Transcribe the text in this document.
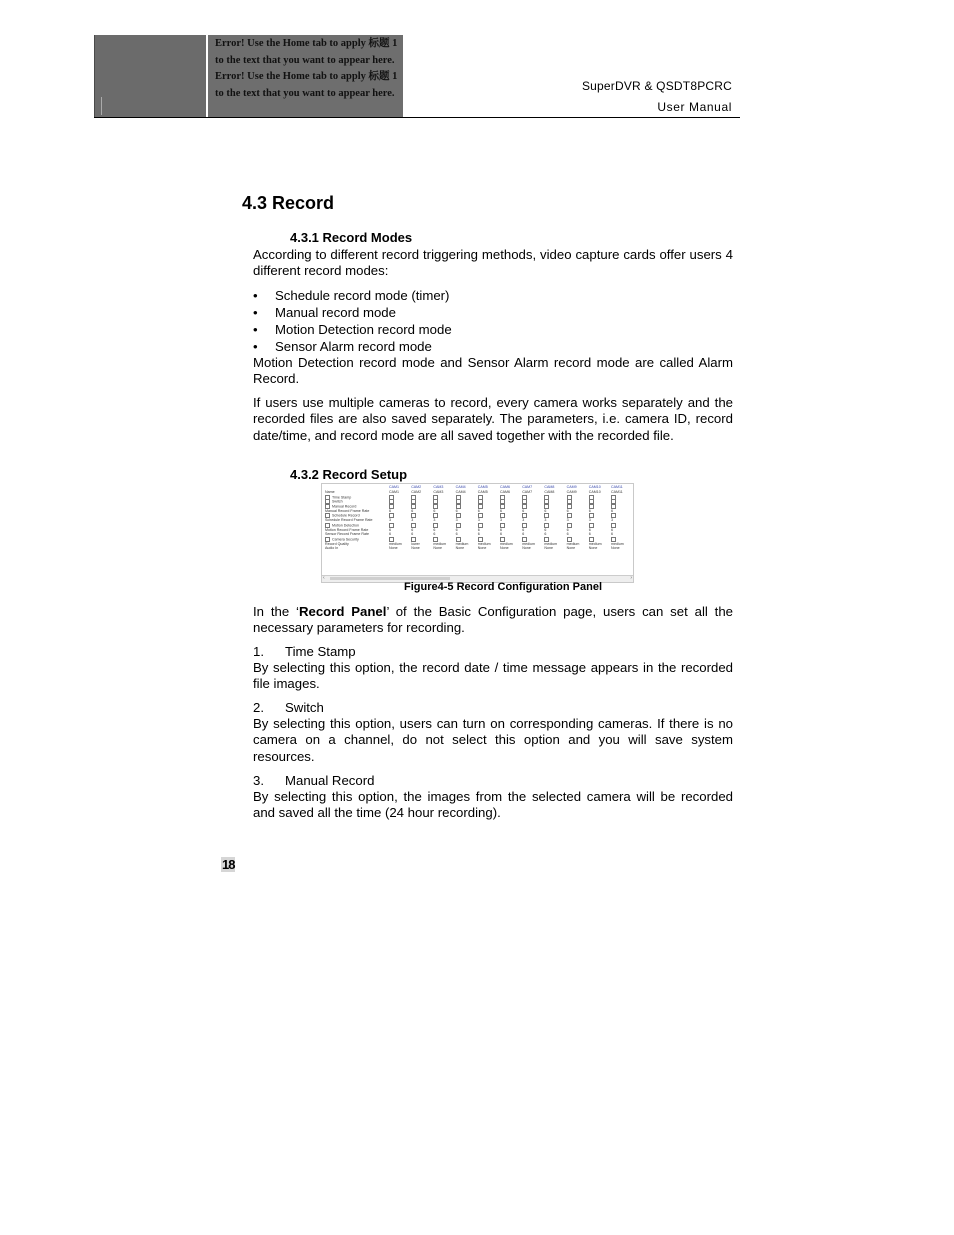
Error! Use the Home tab to apply 标题 1 to the text that you want to appear here. Error! Use the Home tab to apply 标题 1 to the text that you want to appear here.	SuperDVR & QSDT8PCRC
User Manual
4.3 Record
4.3.1 Record Modes
According to different record triggering methods, video capture cards offer users 4 different record modes:
• Schedule record mode (timer)
• Manual record mode
• Motion Detection record mode
• Sensor Alarm record mode
Motion Detection record mode and Sensor Alarm record mode are called Alarm Record.
If users use multiple cameras to record, every camera works separately and the recorded files are also saved separately. The parameters, i.e. camera ID, record date/time, and record mode are all saved together with the recorded file.
4.3.2 Record Setup
Name
Time Stamp
Switch
Manual Record
Manual Record Frame Rate
Schedule Record
Schedule Record Frame Rate
Motion Detection
Motion Record Frame Rate
Sensor Record Frame Rate
Camera Security
Record Quality
Audio In
CAM1
CAM1
6
3
6
6
medium
None
CAM2
CAM2
6
3
6
6
lower
None
CAM3
CAM3
6
3
6
6
medium
None
CAM4
CAM4
6
3
6
6
medium
None
CAM5
CAM5
6
3
6
6
medium
None
CAM6
CAM6
6
3
6
6
medium
None
CAM7
CAM7
6
3
6
6
medium
None
CAM8
CAM8
6
3
6
6
medium
None
CAM9
CAM9
6
3
6
6
medium
None
CAM10
CAM10
6
3
6
6
medium
None
CAM11
CAM11
6
3
6
6
medium
None
‹	›
Figure4-5 Record Configuration Panel
In the ‘Record Panel’ of the Basic Configuration page, users can set all the necessary parameters for recording.
1. Time Stamp
By selecting this option, the record date / time message appears in the recorded file images.
2. Switch
By selecting this option, users can turn on corresponding cameras. If there is no camera on a channel, do not select this option and you will save system resources.
3. Manual Record
By selecting this option, the images from the selected camera will be recorded and saved all the time (24 hour recording).
18
